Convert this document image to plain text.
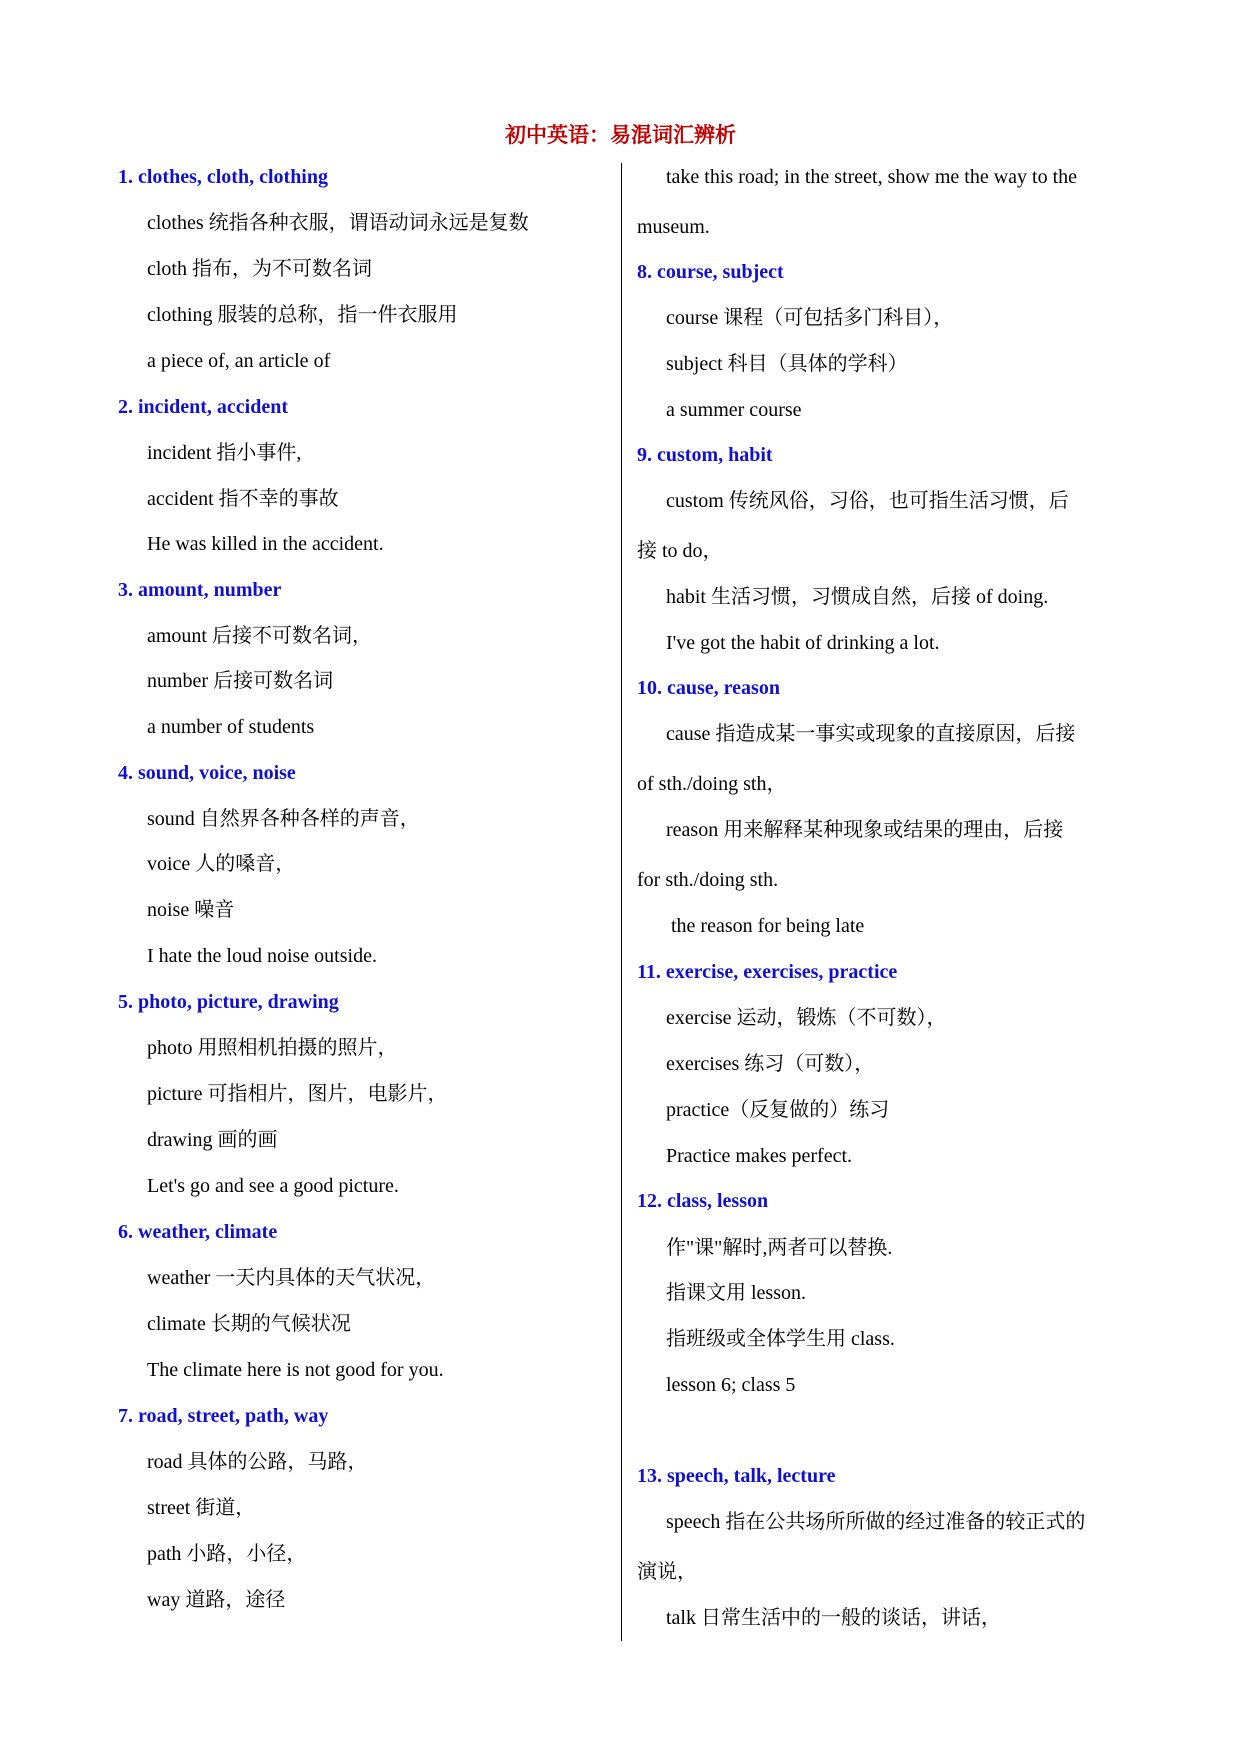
初中英语：易混词汇辨析
1. clothes, cloth, clothing
clothes 统指各种衣服，谓语动词永远是复数
cloth 指布，为不可数名词
clothing 服装的总称，指一件衣服用
a piece of, an article of
2. incident, accident
incident 指小事件,
accident 指不幸的事故
He was killed in the accident.
3. amount, number
amount 后接不可数名词，
number 后接可数名词
a number of students
4. sound, voice, noise
sound 自然界各种各样的声音，
voice 人的嗓音，
noise 噪音
I hate the loud noise outside.
5. photo, picture, drawing
photo 用照相机拍摄的照片，
picture 可指相片，图片，电影片，
drawing 画的画
Let's go and see a good picture.
6. weather, climate
weather 一天内具体的天气状况，
climate 长期的气候状况
The climate here is not good for you.
7. road, street, path, way
road 具体的公路，马路，
street 街道，
path 小路，小径，
way 道路，途径
take this road; in the street, show me the way to the
museum.
8. course, subject
course 课程（可包括多门科目），
subject 科目（具体的学科）
a summer course
9. custom, habit
custom 传统风俗，习俗，也可指生活习惯，后
接 to do，
habit 生活习惯，习惯成自然，后接 of doing.
I've got the habit of drinking a lot.
10. cause, reason
cause 指造成某一事实或现象的直接原因，后接
of sth./doing sth，
reason 用来解释某种现象或结果的理由，后接
for sth./doing sth.
the reason for being late
11. exercise, exercises, practice
exercise 运动，锻炼（不可数），
exercises 练习（可数），
practice（反复做的）练习
Practice makes perfect.
12. class, lesson
作"课"解时,两者可以替换.
指课文用 lesson.
指班级或全体学生用 class.
lesson 6; class 5
13. speech, talk, lecture
speech 指在公共场所所做的经过准备的较正式的
演说，
talk 日常生活中的一般的谈话，讲话，
